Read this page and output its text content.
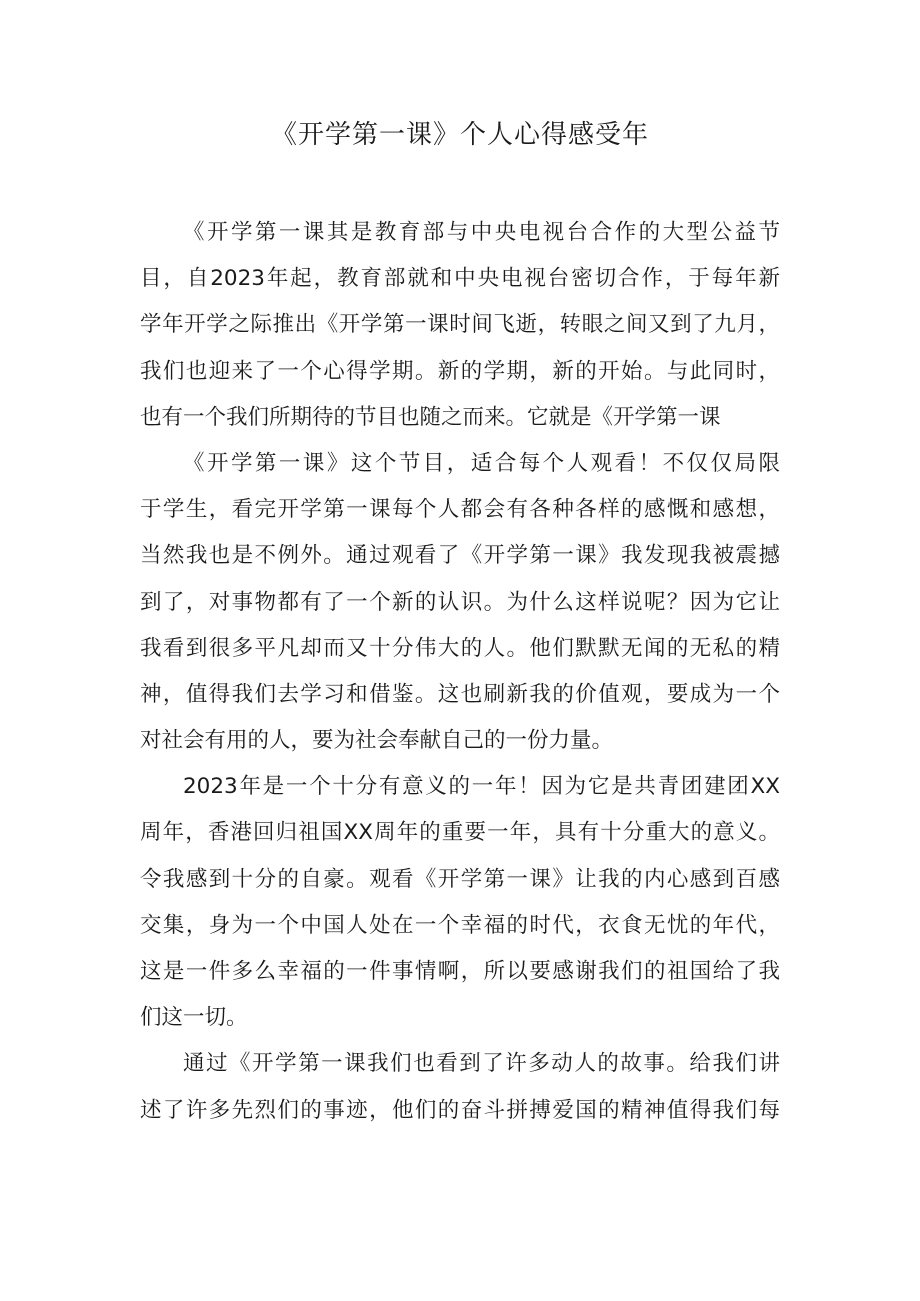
《开学第一课》个人心得感受年
《开学第一课其是教育部与中央电视台合作的大型公益节
目，自2023年起，教育部就和中央电视台密切合作，于每年新
学年开学之际推出《开学第一课时间飞逝，转眼之间又到了九月，
我们也迎来了一个心得学期。新的学期，新的开始。与此同时，
也有一个我们所期待的节目也随之而来。它就是《开学第一课
《开学第一课》这个节目，适合每个人观看！不仅仅局限
于学生，看完开学第一课每个人都会有各种各样的感慨和感想，
当然我也是不例外。通过观看了《开学第一课》我发现我被震撼
到了，对事物都有了一个新的认识。为什么这样说呢？因为它让
我看到很多平凡却而又十分伟大的人。他们默默无闻的无私的精
神，值得我们去学习和借鉴。这也刷新我的价值观，要成为一个
对社会有用的人，要为社会奉献自己的一份力量。
2023年是一个十分有意义的一年！因为它是共青团建团XX
周年，香港回归祖国XX周年的重要一年，具有十分重大的意义。
令我感到十分的自豪。观看《开学第一课》让我的内心感到百感
交集，身为一个中国人处在一个幸福的时代，衣食无忧的年代，
这是一件多么幸福的一件事情啊，所以要感谢我们的祖国给了我
们这一切。
通过《开学第一课我们也看到了许多动人的故事。给我们讲
述了许多先烈们的事迹，他们的奋斗拼搏爱国的精神值得我们每
